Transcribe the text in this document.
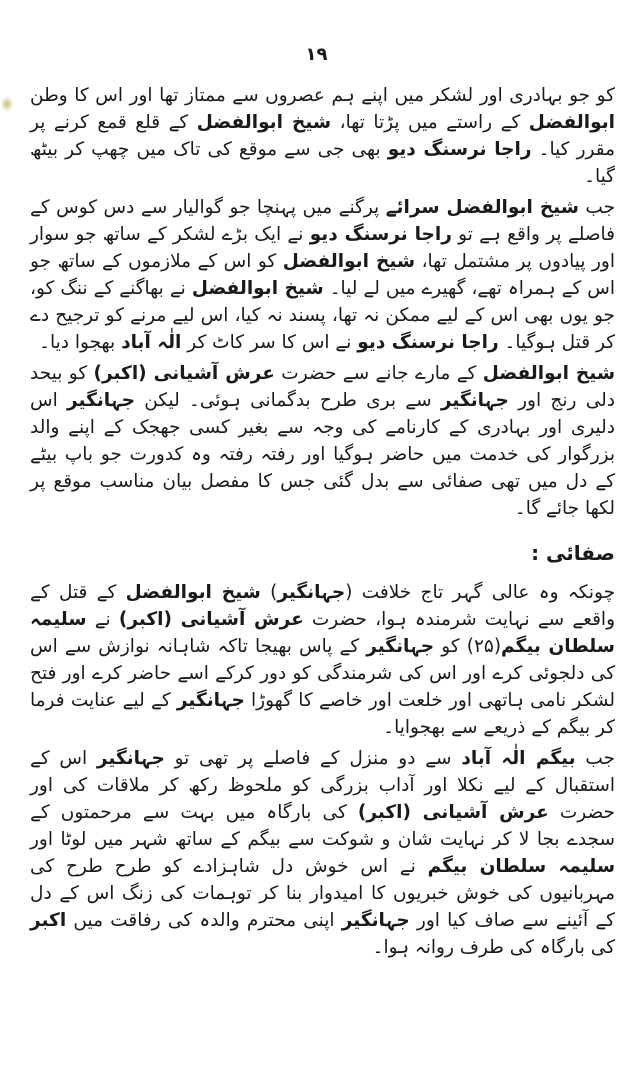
۱۹

کو جو بہادری اور لشکر میں اپنے ہم عصروں سے ممتاز تھا اور اس کا وطن ابوالفضل کے راستے میں پڑتا تھا، شیخ ابوالفضل کے قلع قمع کرنے پر مقرر کیا۔ راجا نرسنگ دیو بھی جی سے موقع کی تاک میں چھپ کر بیٹھ گیا۔

جب شیخ ابوالفضل سرائے پرگنے میں پہنچا جو گوالیار سے دس کوس کے فاصلے پر واقع ہے تو راجا نرسنگ دیو نے ایک بڑے لشکر کے ساتھ جو سوار اور پیادوں پر مشتمل تھا، شیخ ابوالفضل کو اس کے ملازموں کے ساتھ جو اس کے ہمراہ تھے، گھیرے میں لے لیا۔ شیخ ابوالفضل نے بھاگنے کے ننگ کو، جو یوں بھی اس کے لیے ممکن نہ تھا، پسند نہ کیا، اس لیے مرنے کو ترجیح دے کر قتل ہوگیا۔ راجا نرسنگ دیو نے اس کا سر کاٹ کر الٰہ آباد بھجوا دیا۔

شیخ ابوالفضل کے مارے جانے سے حضرت عرش آشیانی (اکبر) کو بیحد دلی رنج اور جہانگیر سے بری طرح بدگمانی ہوئی۔ لیکن جہانگیر اس دلیری اور بہادری کے کارنامے کی وجہ سے بغیر کسی جھجک کے اپنے والد بزرگوار کی خدمت میں حاضر ہوگیا اور رفتہ رفتہ وہ کدورت جو باپ بیٹے کے دل میں تھی صفائی سے بدل گئی جس کا مفصل بیان مناسب موقع پر لکھا جائے گا۔

صفائی :

چونکہ وہ عالی گہر تاج خلافت (جہانگیر) شیخ ابوالفضل کے قتل کے واقعے سے نہایت شرمندہ ہوا، حضرت عرش آشیانی (اکبر) نے سلیمہ سلطان بیگم(۲۵) کو جہانگیر کے پاس بھیجا تاکہ شاہانہ نوازش سے اس کی دلجوئی کرے اور اس کی شرمندگی کو دور کرکے اسے حاضر کرے اور فتح لشکر نامی ہاتھی اور خلعت اور خاصے کا گھوڑا جہانگیر کے لیے عنایت فرما کر بیگم کے ذریعے سے بھجوایا۔

جب بیگم الٰہ آباد سے دو منزل کے فاصلے پر تھی تو جہانگیر اس کے استقبال کے لیے نکلا اور آداب بزرگی کو ملحوظ رکھ کر ملاقات کی اور حضرت عرش آشیانی (اکبر) کی بارگاہ میں بہت سے مرحمتوں کے سجدے بجا لا کر نہایت شان و شوکت سے بیگم کے ساتھ شہر میں لوٹا اور سلیمہ سلطان بیگم نے اس خوش دل شاہزادے کو طرح طرح کی مہربانیوں کی خوش خبریوں کا امیدوار بنا کر توہمات کی زنگ اس کے دل کے آئینے سے صاف کیا اور جہانگیر اپنی محترم والدہ کی رفاقت میں اکبر کی بارگاہ کی طرف روانہ ہوا۔
